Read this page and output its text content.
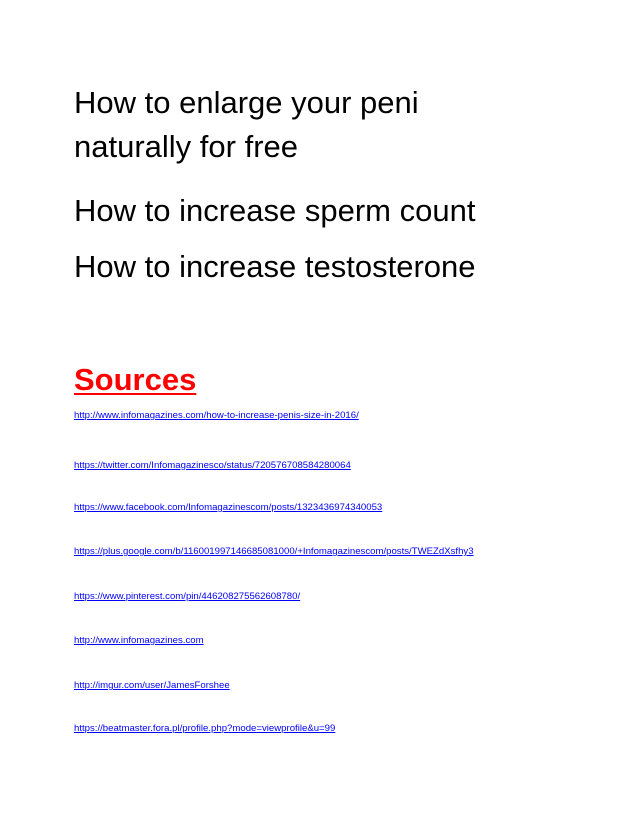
How to enlarge your peni

naturally for free

How to increase sperm count

How to increase testosterone

Sources
http://www.infomagazines.com/how-to-increase-penis-size-in-2016/
https://twitter.com/Infomagazinesco/status/720576708584280064
https://www.facebook.com/Infomagazinescom/posts/1323436974340053
https://plus.google.com/b/116001997146685081000/+Infomagazinescom/posts/TWEZdXsfhy3
https://www.pinterest.com/pin/446208275562608780/
http://www.infomagazines.com
http://imgur.com/user/JamesForshee
https://beatmaster.fora.pl/profile.php?mode=viewprofile&u=99
